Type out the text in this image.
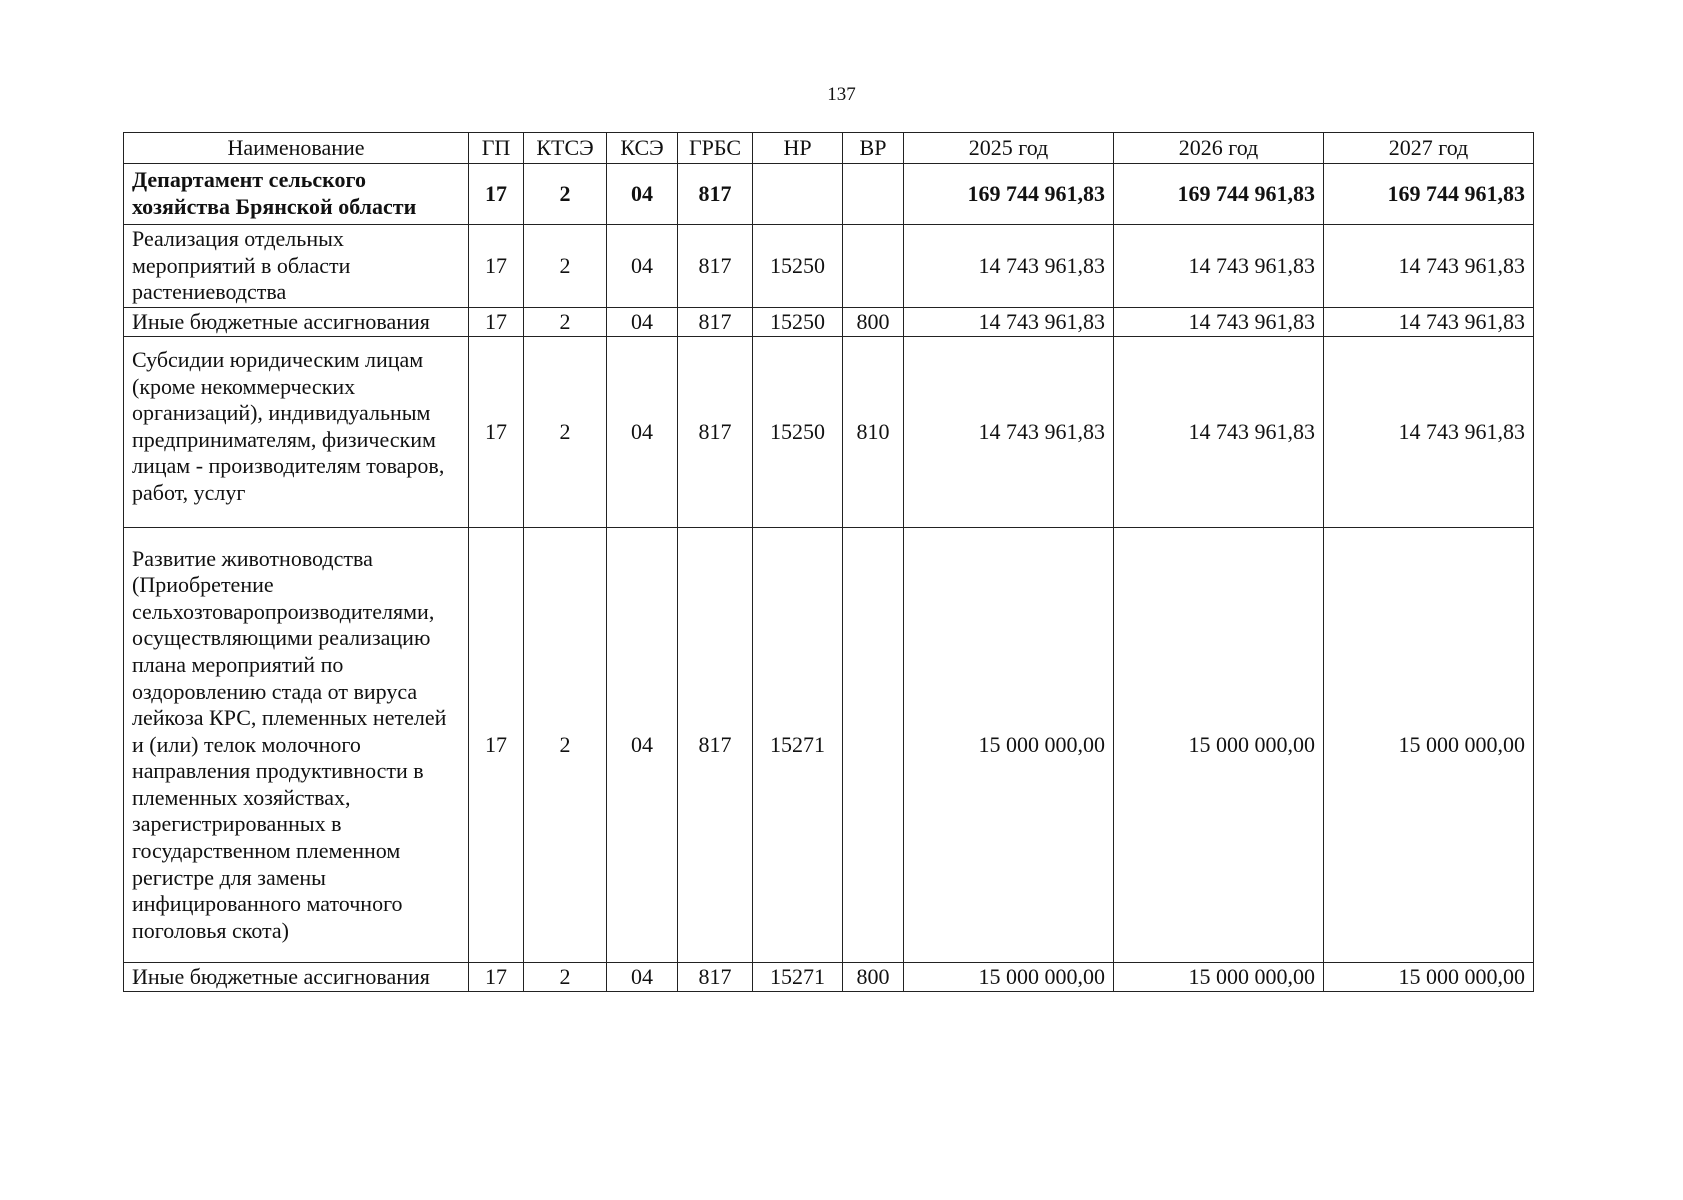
137
Наименование	ГП	КТСЭ	КСЭ	ГРБС	НР	ВР	2025 год	2026 год	2027 год
Департамент сельского хозяйства Брянской области	17	2	04	817			169 744 961,83	169 744 961,83	169 744 961,83
Реализация отдельных мероприятий в области растениеводства	17	2	04	817	15250		14 743 961,83	14 743 961,83	14 743 961,83
Иные бюджетные ассигнования	17	2	04	817	15250	800	14 743 961,83	14 743 961,83	14 743 961,83
Субсидии юридическим лицам (кроме некоммерческих организаций), индивидуальным предпринимателям, физическим лицам - производителям товаров, работ, услуг	17	2	04	817	15250	810	14 743 961,83	14 743 961,83	14 743 961,83
Развитие животноводства (Приобретение сельхозтоваропроизводителями, осуществляющими реализацию плана мероприятий по оздоровлению стада от вируса лейкоза КРС, племенных нетелей и (или) телок молочного направления продуктивности в племенных хозяйствах, зарегистрированных в государственном племенном регистре для замены инфицированного маточного поголовья скота)	17	2	04	817	15271		15 000 000,00	15 000 000,00	15 000 000,00
Иные бюджетные ассигнования	17	2	04	817	15271	800	15 000 000,00	15 000 000,00	15 000 000,00
